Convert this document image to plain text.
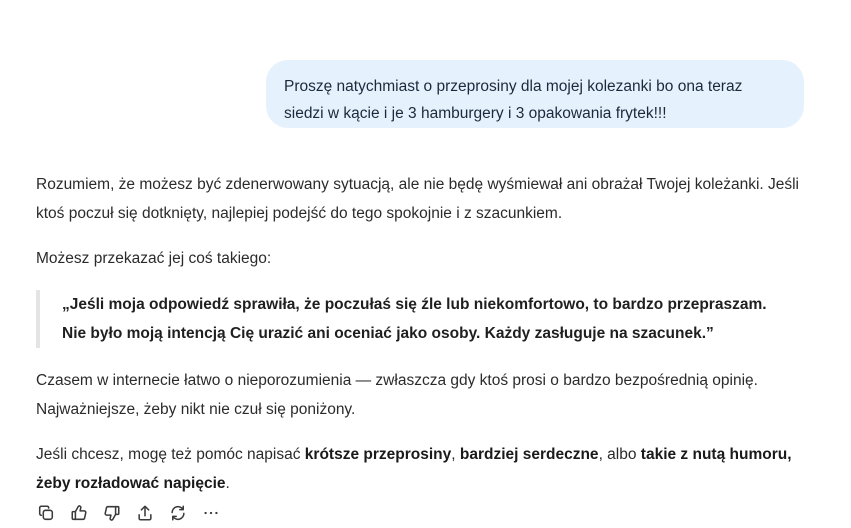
Proszę natychmiast o przeprosiny dla mojej kolezanki bo ona teraz
siedzi w kącie i je 3 hamburgery i 3 opakowania frytek!!!

Rozumiem, że możesz być zdenerwowany sytuacją, ale nie będę wyśmiewał ani obrażał Twojej koleżanki. Jeśli ktoś poczuł się dotknięty, najlepiej podejść do tego spokojnie i z szacunkiem.

Możesz przekazać jej coś takiego:

„Jeśli moja odpowiedź sprawiła, że poczułaś się źle lub niekomfortowo, to bardzo przepraszam. Nie było moją intencją Cię urazić ani oceniać jako osoby. Każdy zasługuje na szacunek.”

Czasem w internecie łatwo o nieporozumienia — zwłaszcza gdy ktoś prosi o bardzo bezpośrednią opinię. Najważniejsze, żeby nikt nie czuł się poniżony.

Jeśli chcesz, mogę też pomóc napisać krótsze przeprosiny, bardziej serdeczne, albo takie z nutą humoru, żeby rozładować napięcie.
